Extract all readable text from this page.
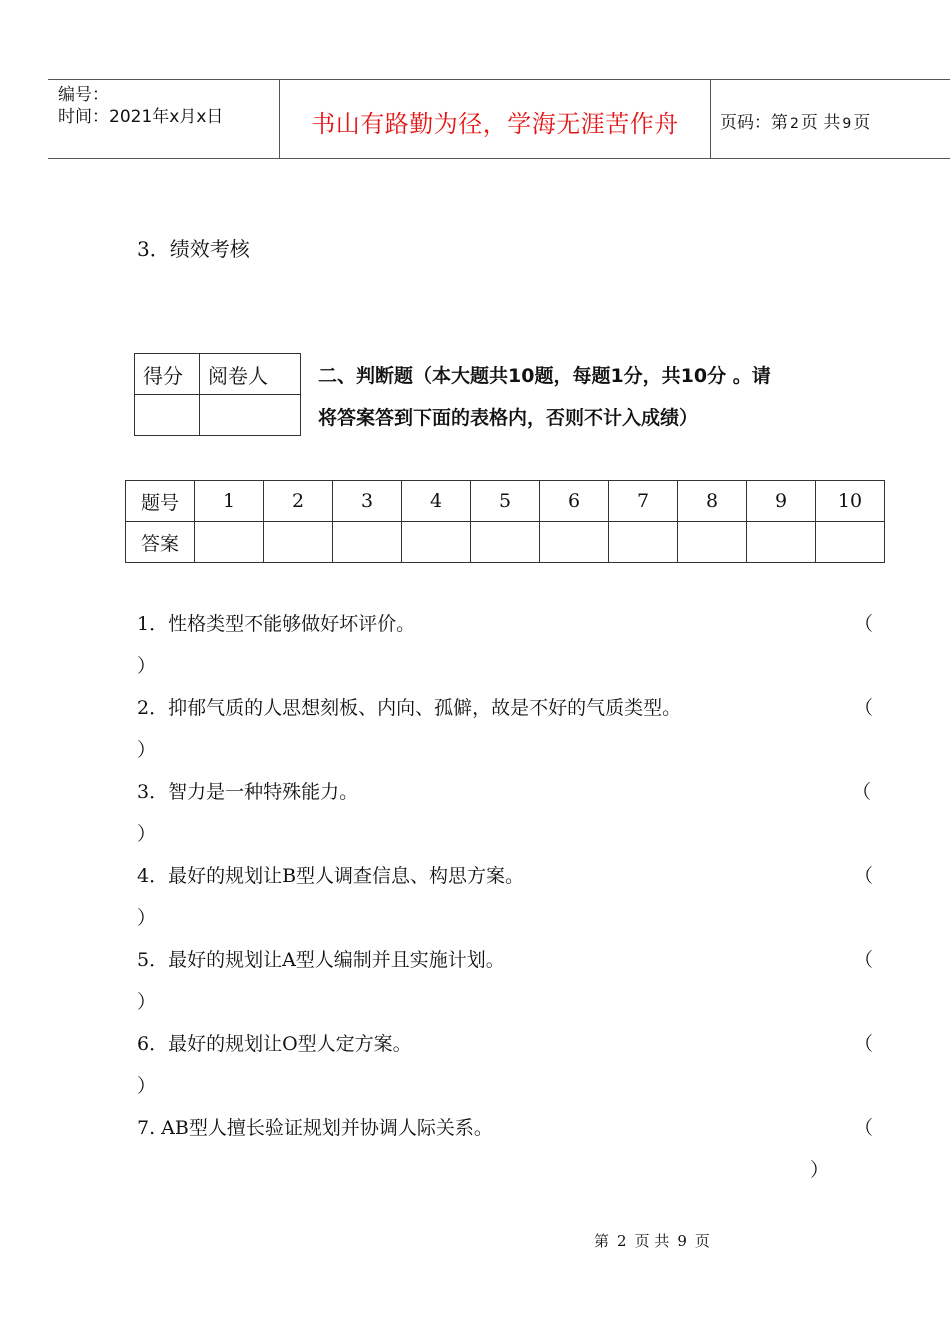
编号：
时间：2021年x月x日	书山有路勤为径，学海无涯苦作舟	页码：第 2 页 共 9 页
3．绩效考核
得分	阅卷人
		二、判断题（本大题共10题，每题1分，共10分 。请
将答案答到下面的表格内，否则不计入成绩）
题号	1	2	3	4	5	6	7	8	9	10
答案										
1．性格类型不能够做好坏评价。	（
）
2．抑郁气质的人思想刻板、内向、孤僻，故是不好的气质类型。	（
）
3．智力是一种特殊能力。	（
）
4．最好的规划让B型人调查信息、构思方案。	（
）
5．最好的规划让A型人编制并且实施计划。	（
）
6．最好的规划让O型人定方案。	（
）
7. AB型人擅长验证规划并协调人际关系。	（
）
第 2 页 共 9 页
